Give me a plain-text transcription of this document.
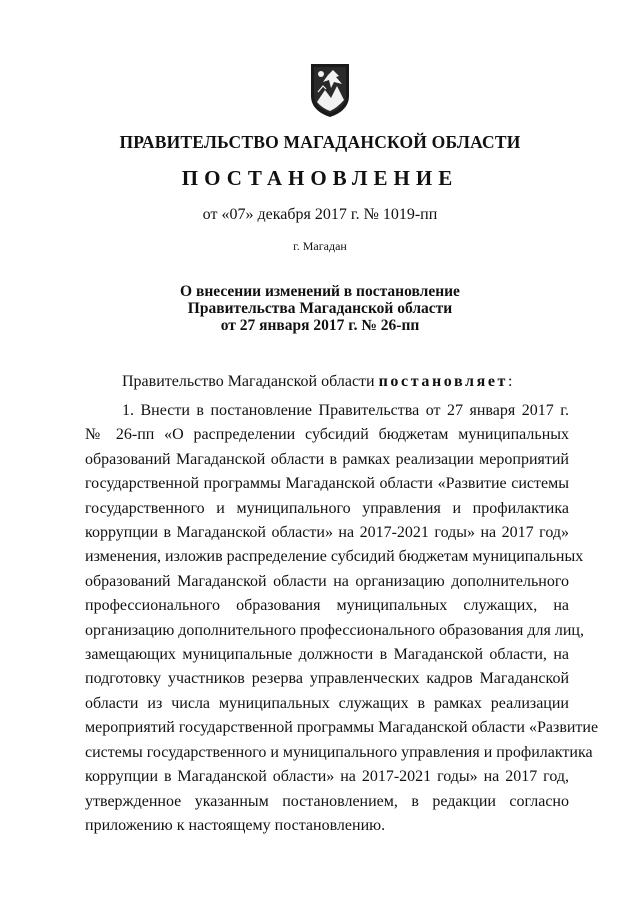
ПРАВИТЕЛЬСТВО МАГАДАНСКОЙ ОБЛАСТИ
ПОСТАНОВЛЕНИЕ
от «07» декабря 2017 г. № 1019-пп
г. Магадан
О внесении изменений в постановление
Правительства Магаданской области
от 27 января 2017 г. № 26-пп
Правительство Магаданской области постановляет:
1. Внести в постановление Правительства от 27 января 2017 г.
№ 26-пп «О распределении субсидий бюджетам муниципальных
образований Магаданской области в рамках реализации мероприятий
государственной программы Магаданской области «Развитие системы
государственного и муниципального управления и профилактика
коррупции в Магаданской области» на 2017-2021 годы» на 2017 год»
изменения, изложив распределение субсидий бюджетам муниципальных
образований Магаданской области на организацию дополнительного
профессионального образования муниципальных служащих, на
организацию дополнительного профессионального образования для лиц,
замещающих муниципальные должности в Магаданской области, на
подготовку участников резерва управленческих кадров Магаданской
области из числа муниципальных служащих в рамках реализации
мероприятий государственной программы Магаданской области «Развитие
системы государственного и муниципального управления и профилактика
коррупции в Магаданской области» на 2017-2021 годы» на 2017 год,
утвержденное указанным постановлением, в редакции согласно
приложению к настоящему постановлению.
